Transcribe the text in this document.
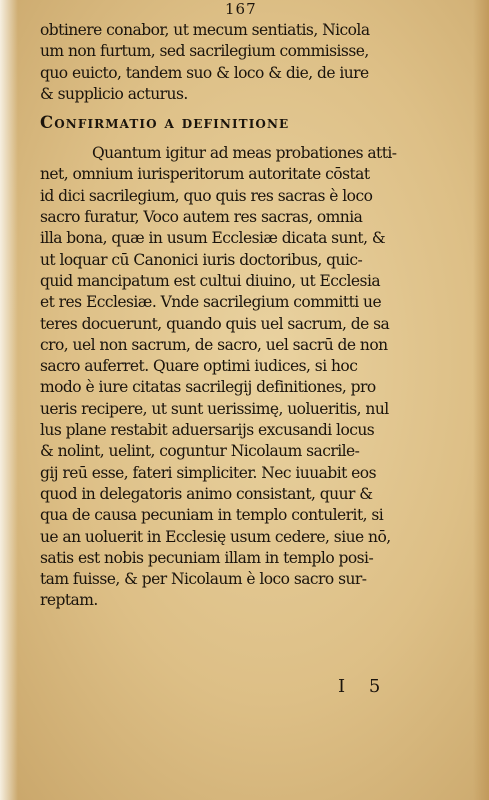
167
obtinere conabor, ut mecum sentiatis, Nicola
um non furtum, sed sacrilegium commisisse,
quo euicto, tandem suo & loco & die, de iure
& supplicio acturus.
Confirmatio a definitione
Quantum igitur ad meas probationes atti-
net, omnium iurisperitorum autoritate cōstat
id dici sacrilegium, quo quis res sacras è loco
sacro furatur, Voco autem res sacras, omnia
illa bona, quæ in usum Ecclesiæ dicata sunt, &
ut loquar cū Canonici iuris doctoribus, quic-
quid mancipatum est cultui diuino, ut Ecclesia
et res Ecclesiæ. Vnde sacrilegium committi ue
teres docuerunt, quando quis uel sacrum, de sa
cro, uel non sacrum, de sacro, uel sacrū de non
sacro auferret. Quare optimi iudices, si hoc
modo è iure citatas sacrilegij definitiones, pro
ueris recipere, ut sunt uerissimę, uolueritis, nul
lus plane restabit aduersarijs excusandi locus
& nolint, uelint, coguntur Nicolaum sacrile-
gij reū esse, fateri simpliciter. Nec iuuabit eos
quod in delegatoris animo consistant, quur &
qua de causa pecuniam in templo contulerit, si
ue an uoluerit in Ecclesię usum cedere, siue nō,
satis est nobis pecuniam illam in templo posi-
tam fuisse, & per Nicolaum è loco sacro sur-
reptam.
I 5
